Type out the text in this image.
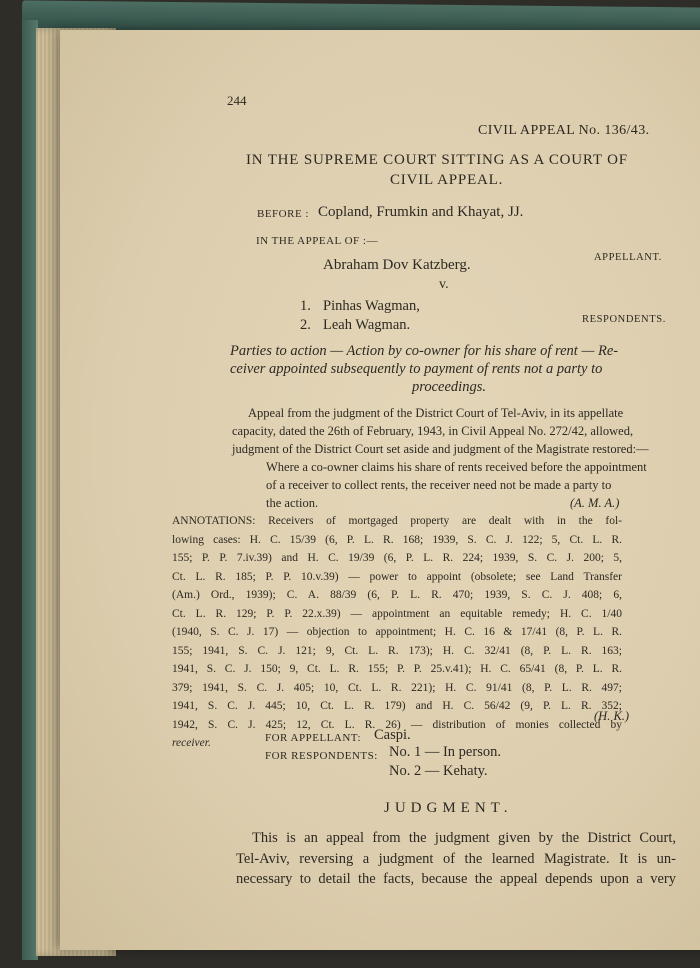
244
CIVIL APPEAL No. 136/43.
IN THE SUPREME COURT SITTING AS A COURT OF
CIVIL APPEAL.
BEFORE : Copland, Frumkin and Khayat, JJ.
IN THE APPEAL OF :—
Abraham Dov Katzberg.	APPELLANT.
v.
1. Pinhas Wagman,
2. Leah Wagman.	RESPONDENTS.
Parties to action — Action by co-owner for his share of rent — Re-
ceiver appointed subsequently to payment of rents not a party to
proceedings.
Appeal from the judgment of the District Court of Tel-Aviv, in its appellate
capacity, dated the 26th of February, 1943, in Civil Appeal No. 272/42, allowed,
judgment of the District Court set aside and judgment of the Magistrate restored:—
Where a co-owner claims his share of rents received before the appointment
of a receiver to collect rents, the receiver need not be made a party to
the action.	(A. M. A.)
ANNOTATIONS: Receivers of mortgaged property are dealt with in the fol-
lowing cases: H. C. 15/39 (6, P. L. R. 168; 1939, S. C. J. 122; 5, Ct. L. R.
155; P. P. 7.iv.39) and H. C. 19/39 (6, P. L. R. 224; 1939, S. C. J. 200; 5,
Ct. L. R. 185; P. P. 10.v.39) — power to appoint (obsolete; see Land Transfer
(Am.) Ord., 1939); C. A. 88/39 (6, P. L. R. 470; 1939, S. C. J. 408; 6,
Ct. L. R. 129; P. P. 22.x.39) — appointment an equitable remedy; H. C. 1/40
(1940, S. C. J. 17) — objection to appointment; H. C. 16 & 17/41 (8, P. L. R.
155; 1941, S. C. J. 121; 9, Ct. L. R. 173); H. C. 32/41 (8, P. L. R. 163;
1941, S. C. J. 150; 9, Ct. L. R. 155; P. P. 25.v.41); H. C. 65/41 (8, P. L. R.
379; 1941, S. C. J. 405; 10, Ct. L. R. 221); H. C. 91/41 (8, P. L. R. 497;
1941, S. C. J. 445; 10, Ct. L. R. 179) and H. C. 56/42 (9, P. L. R. 352;
1942, S. C. J. 425; 12, Ct. L. R. 26) — distribution of monies collected by
receiver.
(H. K.)
FOR APPELLANT: Caspi.
FOR RESPONDENTS: No. 1 — In person.
No. 2 — Kehaty.
JUDGMENT.
This is an appeal from the judgment given by the District Court,
Tel-Aviv, reversing a judgment of the learned Magistrate. It is un-
necessary to detail the facts, because the appeal depends upon a very
